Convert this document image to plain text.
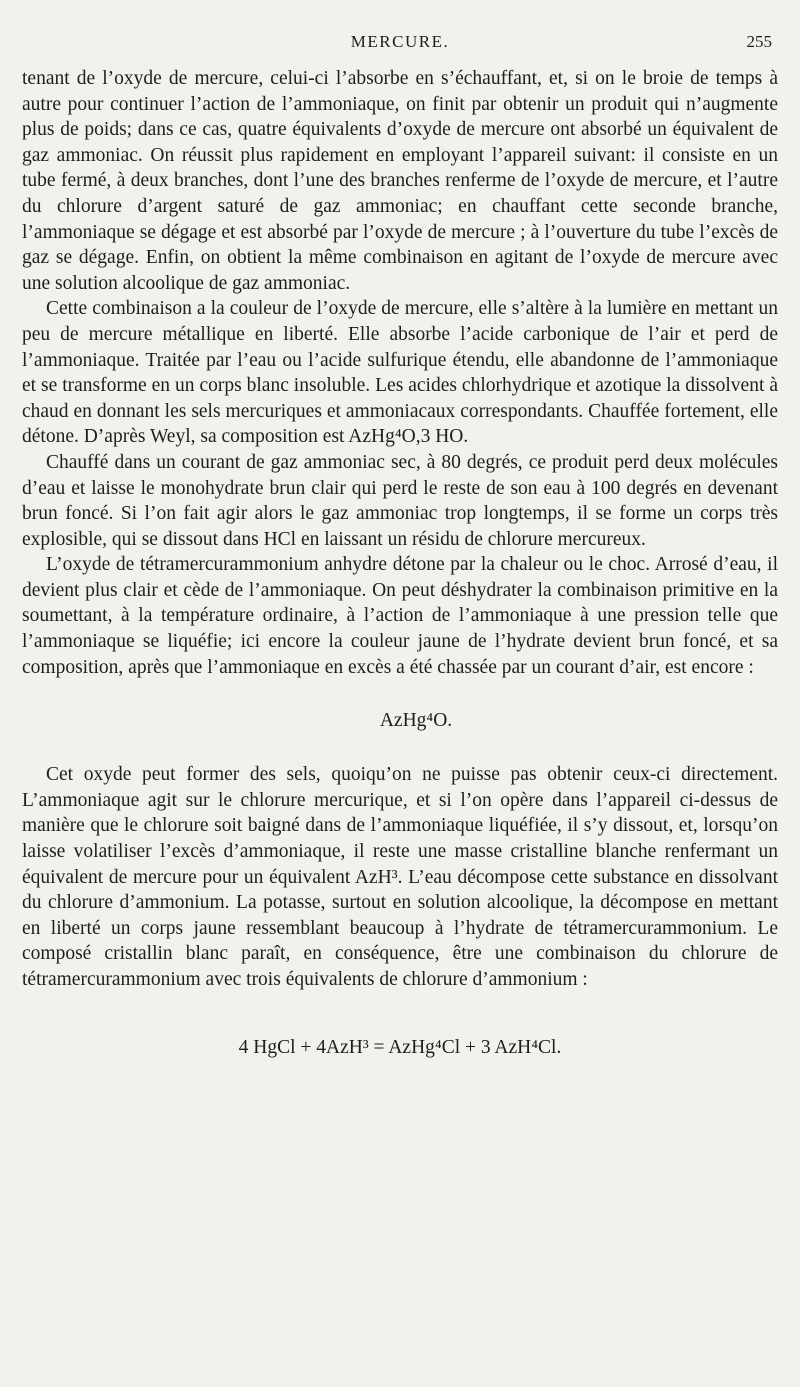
MERCURE.	255

tenant de l’oxyde de mercure, celui-ci l’absorbe en s’échauffant, et, si on le broie de temps à autre pour continuer l’action de l’ammoniaque, on finit par obtenir un produit qui n’augmente plus de poids; dans ce cas, quatre équivalents d’oxyde de mercure ont absorbé un équivalent de gaz ammoniac. On réussit plus rapidement en employant l’appareil suivant: il consiste en un tube fermé, à deux branches, dont l’une des branches renferme de l’oxyde de mercure, et l’autre du chlorure d’argent saturé de gaz ammoniac; en chauffant cette seconde branche, l’ammoniaque se dégage et est absorbé par l’oxyde de mercure ; à l’ouverture du tube l’excès de gaz se dégage. Enfin, on obtient la même combinaison en agitant de l’oxyde de mercure avec une solution alcoolique de gaz ammoniac.

Cette combinaison a la couleur de l’oxyde de mercure, elle s’altère à la lumière en mettant un peu de mercure métallique en liberté. Elle absorbe l’acide carbonique de l’air et perd de l’ammoniaque. Traitée par l’eau ou l’acide sulfurique étendu, elle abandonne de l’ammoniaque et se transforme en un corps blanc insoluble. Les acides chlorhydrique et azotique la dissolvent à chaud en donnant les sels mercuriques et ammoniacaux correspondants. Chauffée fortement, elle détone. D’après Weyl, sa composition est AzHg⁴O,3 HO.

Chauffé dans un courant de gaz ammoniac sec, à 80 degrés, ce produit perd deux molécules d’eau et laisse le monohydrate brun clair qui perd le reste de son eau à 100 degrés en devenant brun foncé. Si l’on fait agir alors le gaz ammoniac trop longtemps, il se forme un corps très explosible, qui se dissout dans HCl en laissant un résidu de chlorure mercureux.

L’oxyde de tétramercurammonium anhydre détone par la chaleur ou le choc. Arrosé d’eau, il devient plus clair et cède de l’ammoniaque. On peut déshydrater la combinaison primitive en la soumettant, à la température ordinaire, à l’action de l’ammoniaque à une pression telle que l’ammoniaque se liquéfie; ici encore la couleur jaune de l’hydrate devient brun foncé, et sa composition, après que l’ammoniaque en excès a été chassée par un courant d’air, est encore :

AzHg⁴O.

Cet oxyde peut former des sels, quoiqu’on ne puisse pas obtenir ceux-ci directement. L’ammoniaque agit sur le chlorure mercurique, et si l’on opère dans l’appareil ci-dessus de manière que le chlorure soit baigné dans de l’ammoniaque liquéfiée, il s’y dissout, et, lorsqu’on laisse volatiliser l’excès d’ammoniaque, il reste une masse cristalline blanche renfermant un équivalent de mercure pour un équivalent AzH³. L’eau décompose cette substance en dissolvant du chlorure d’ammonium. La potasse, surtout en solution alcoolique, la décompose en mettant en liberté un corps jaune ressemblant beaucoup à l’hydrate de tétramercurammonium. Le composé cristallin blanc paraît, en conséquence, être une combinaison du chlorure de tétramercurammonium avec trois équivalents de chlorure d’ammonium :

4 HgCl + 4AzH³ = AzHg⁴Cl + 3 AzH⁴Cl.
